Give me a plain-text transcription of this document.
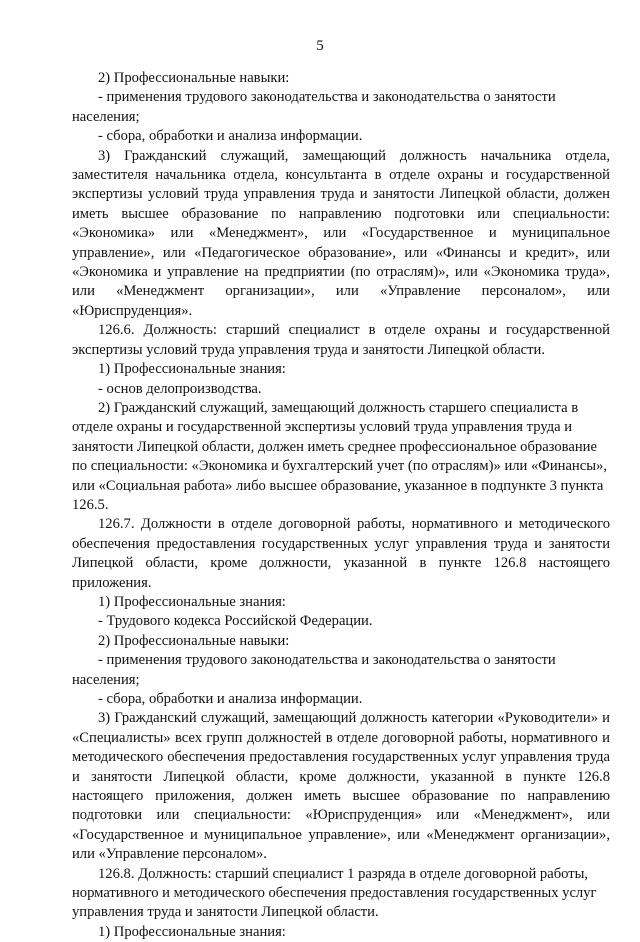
5

2) Профессиональные навыки:

- применения трудового законодательства и законодательства о занятости населения;

- сбора, обработки и анализа информации.

3) Гражданский служащий, замещающий должность начальника отдела, заместителя начальника отдела, консультанта в отделе охраны и государственной экспертизы условий труда управления труда и занятости Липецкой области, должен иметь высшее образование по направлению подготовки или специальности: «Экономика» или «Менеджмент», или «Государственное и муниципальное управление», или «Педагогическое образование», или «Финансы и кредит», или «Экономика и управление на предприятии (по отраслям)», или «Экономика труда», или «Менеджмент организации», или «Управление персоналом», или «Юриспруденция».

126.6. Должность: старший специалист в отделе охраны и государственной экспертизы условий труда управления труда и занятости Липецкой области.

1) Профессиональные знания:

- основ делопроизводства.

2) Гражданский служащий, замещающий должность старшего специалиста в отделе охраны и государственной экспертизы условий труда управления труда и занятости Липецкой области, должен иметь среднее профессиональное образование по специальности: «Экономика и бухгалтерский учет (по отраслям)» или «Финансы», или «Социальная работа» либо высшее образование, указанное в подпункте 3 пункта 126.5.

126.7. Должности в отделе договорной работы, нормативного и методического обеспечения предоставления государственных услуг управления труда и занятости Липецкой области, кроме должности, указанной в пункте 126.8 настоящего приложения.

1) Профессиональные знания:

- Трудового кодекса Российской Федерации.

2) Профессиональные навыки:

- применения трудового законодательства и законодательства о занятости населения;

- сбора, обработки и анализа информации.

3) Гражданский служащий, замещающий должность категории «Руководители» и «Специалисты» всех групп должностей в отделе договорной работы, нормативного и методического обеспечения предоставления государственных услуг управления труда и занятости Липецкой области, кроме должности, указанной в пункте 126.8 настоящего приложения, должен иметь высшее образование по направлению подготовки или специальности: «Юриспруденция» или «Менеджмент», или «Государственное и муниципальное управление», или «Менеджмент организации», или «Управление персоналом».

126.8. Должность: старший специалист 1 разряда в отделе договорной работы, нормативного и методического обеспечения предоставления государственных услуг управления труда и занятости Липецкой области.

1) Профессиональные знания:
